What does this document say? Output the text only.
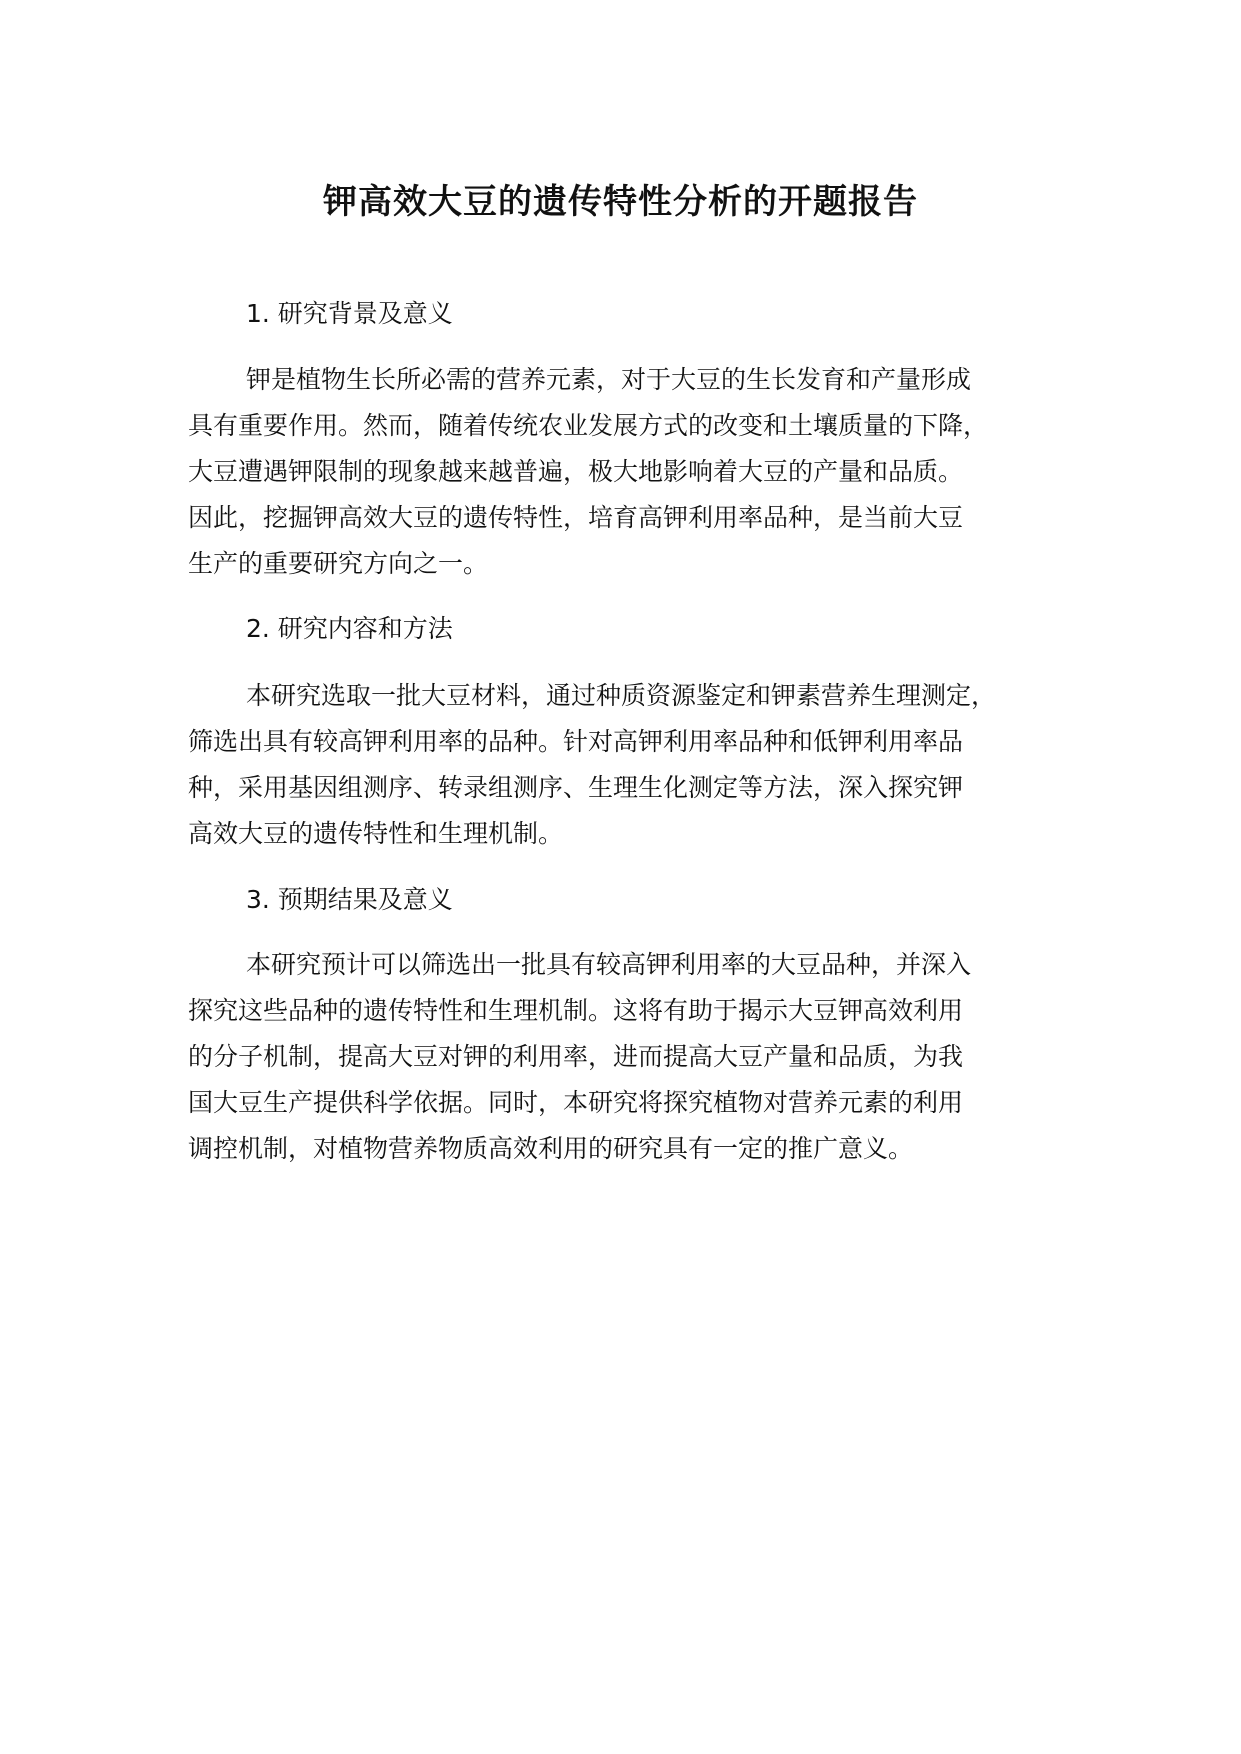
钾高效大豆的遗传特性分析的开题报告
1. 研究背景及意义
钾是植物生长所必需的营养元素，对于大豆的生长发育和产量形成
具有重要作用。然而，随着传统农业发展方式的改变和土壤质量的下降，
大豆遭遇钾限制的现象越来越普遍，极大地影响着大豆的产量和品质。
因此，挖掘钾高效大豆的遗传特性，培育高钾利用率品种，是当前大豆
生产的重要研究方向之一。
2. 研究内容和方法
本研究选取一批大豆材料，通过种质资源鉴定和钾素营养生理测定，
筛选出具有较高钾利用率的品种。针对高钾利用率品种和低钾利用率品
种，采用基因组测序、转录组测序、生理生化测定等方法，深入探究钾
高效大豆的遗传特性和生理机制。
3. 预期结果及意义
本研究预计可以筛选出一批具有较高钾利用率的大豆品种，并深入
探究这些品种的遗传特性和生理机制。这将有助于揭示大豆钾高效利用
的分子机制，提高大豆对钾的利用率，进而提高大豆产量和品质，为我
国大豆生产提供科学依据。同时，本研究将探究植物对营养元素的利用
调控机制，对植物营养物质高效利用的研究具有一定的推广意义。
